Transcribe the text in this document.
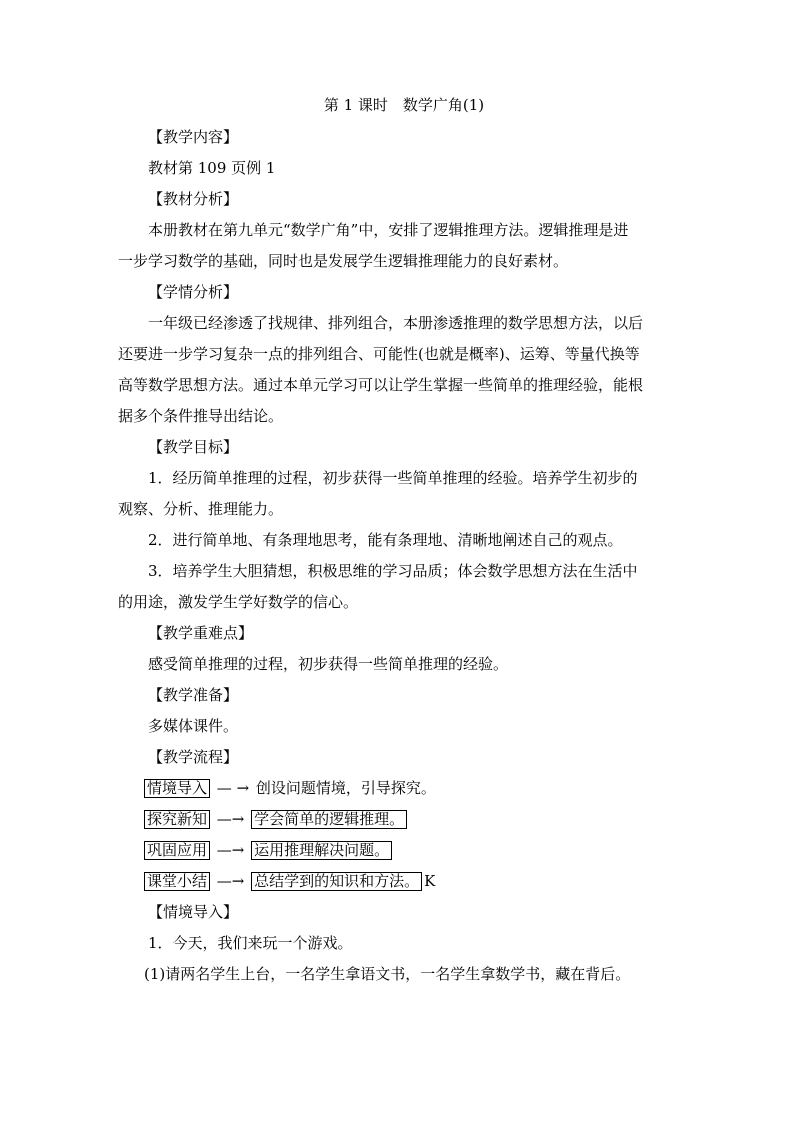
第 1 课时　数学广角(1)
【教学内容】
教材第 109 页例 1
【教材分析】
本册教材在第九单元“数学广角”中，安排了逻辑推理方法。逻辑推理是进
一步学习数学的基础，同时也是发展学生逻辑推理能力的良好素材。
【学情分析】
一年级已经渗透了找规律、排列组合，本册渗透推理的数学思想方法，以后
还要进一步学习复杂一点的排列组合、可能性(也就是概率)、运筹、等量代换等
高等数学思想方法。通过本单元学习可以让学生掌握一些简单的推理经验，能根
据多个条件推导出结论。
【教学目标】
1．经历简单推理的过程，初步获得一些简单推理的经验。培养学生初步的
观察、分析、推理能力。
2．进行简单地、有条理地思考，能有条理地、清晰地阐述自己的观点。
3．培养学生大胆猜想，积极思维的学习品质；体会数学思想方法在生活中
的用途，激发学生学好数学的信心。
【教学重难点】
感受简单推理的过程，初步获得一些简单推理的经验。
【教学准备】
多媒体课件。
【教学流程】
情境导入 — → 创设问题情境，引导探究。
探究新知 —→ 学会简单的逻辑推理。
巩固应用 —→ 运用推理解决问题。
课堂小结 —→ 总结学到的知识和方法。 K
【情境导入】
1．今天，我们来玩一个游戏。
(1)请两名学生上台，一名学生拿语文书，一名学生拿数学书，藏在背后。
